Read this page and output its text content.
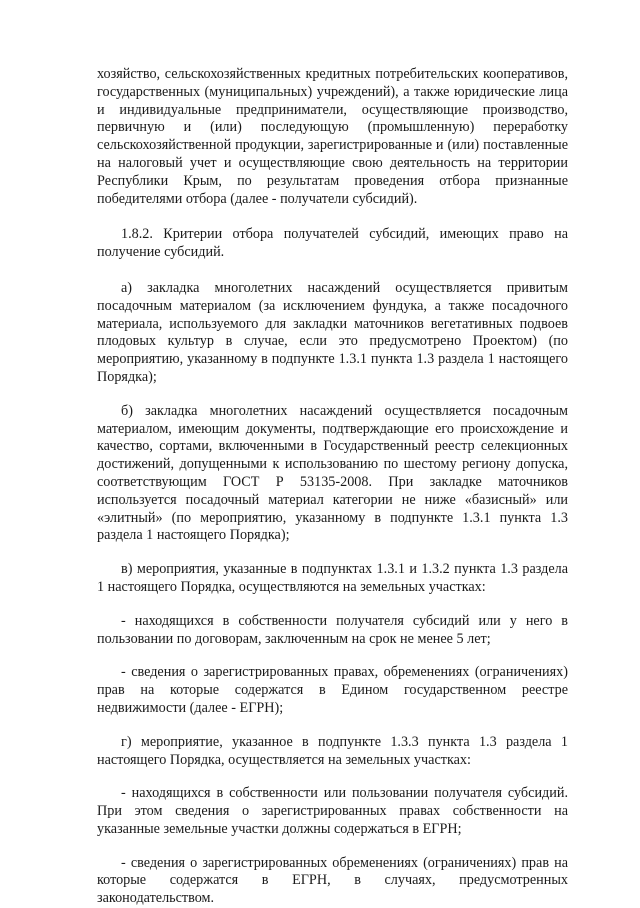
хозяйство, сельскохозяйственных кредитных потребительских кооперативов, государственных (муниципальных) учреждений), а также юридические лица и индивидуальные предприниматели, осуществляющие производство, первичную и (или) последующую (промышленную) переработку сельскохозяйственной продукции, зарегистрированные и (или) поставленные на налоговый учет и осуществляющие свою деятельность на территории Республики Крым, по результатам проведения отбора признанные победителями отбора (далее - получатели субсидий).

1.8.2. Критерии отбора получателей субсидий, имеющих право на получение субсидий.

а) закладка многолетних насаждений осуществляется привитым посадочным материалом (за исключением фундука, а также посадочного материала, используемого для закладки маточников вегетативных подвоев плодовых культур в случае, если это предусмотрено Проектом) (по мероприятию, указанному в подпункте 1.3.1 пункта 1.3 раздела 1 настоящего Порядка);

б) закладка многолетних насаждений осуществляется посадочным материалом, имеющим документы, подтверждающие его происхождение и качество, сортами, включенными в Государственный реестр селекционных достижений, допущенными к использованию по шестому региону допуска, соответствующим ГОСТ Р 53135-2008. При закладке маточников используется посадочный материал категории не ниже «базисный» или «элитный» (по мероприятию, указанному в подпункте 1.3.1 пункта 1.3 раздела 1 настоящего Порядка);

в) мероприятия, указанные в подпунктах 1.3.1 и 1.3.2 пункта 1.3 раздела 1 настоящего Порядка, осуществляются на земельных участках:

- находящихся в собственности получателя субсидий или у него в пользовании по договорам, заключенным на срок не менее 5 лет;

- сведения о зарегистрированных правах, обременениях (ограничениях) прав на которые содержатся в Едином государственном реестре недвижимости (далее - ЕГРН);

г) мероприятие, указанное в подпункте 1.3.3 пункта 1.3 раздела 1 настоящего Порядка, осуществляется на земельных участках:

- находящихся в собственности или пользовании получателя субсидий. При этом сведения о зарегистрированных правах собственности на указанные земельные участки должны содержаться в ЕГРН;

- сведения о зарегистрированных обременениях (ограничениях) прав на которые содержатся в ЕГРН, в случаях, предусмотренных законодательством.
